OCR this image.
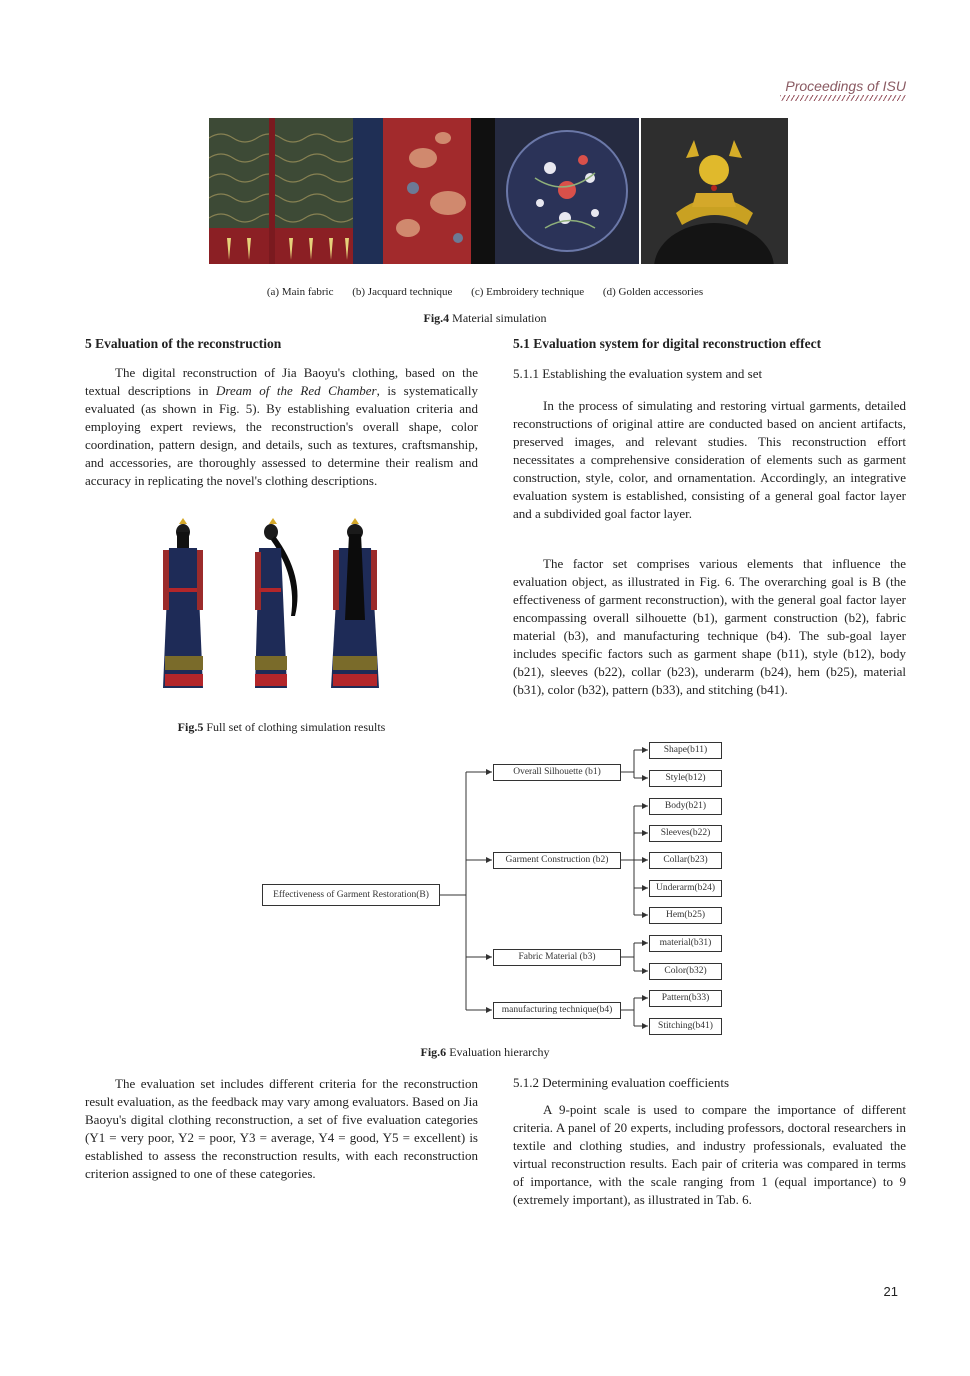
Proceedings of ISU
(a) Main fabric (b) Jacquard technique (c) Embroidery technique (d) Golden accessories
Fig.4 Material simulation
5 Evaluation of the reconstruction

The digital reconstruction of Jia Baoyu's clothing, based on the textual descriptions in Dream of the Red Chamber, is systematically evaluated (as shown in Fig. 5). By establishing evaluation criteria and employing expert reviews, the reconstruction's overall shape, color coordination, pattern design, and details, such as textures, craftsmanship, and accessories, are thoroughly assessed to determine their realism and accuracy in replicating the novel's clothing descriptions.

Fig.5 Full set of clothing simulation results
5.1 Evaluation system for digital reconstruction effect

5.1.1 Establishing the evaluation system and set

In the process of simulating and restoring virtual garments, detailed reconstructions of original attire are conducted based on ancient artifacts, preserved images, and relevant studies. This reconstruction effort necessitates a comprehensive consideration of elements such as garment construction, style, color, and ornamentation. Accordingly, an integrative evaluation system is established, consisting of a general goal factor layer and a subdivided goal factor layer.

The factor set comprises various elements that influence the evaluation object, as illustrated in Fig. 6. The overarching goal is B (the effectiveness of garment reconstruction), with the general goal factor layer encompassing overall silhouette (b1), garment construction (b2), fabric material (b3), and manufacturing technique (b4). The sub-goal layer includes specific factors such as garment shape (b11), style (b12), body (b21), sleeves (b22), collar (b23), underarm (b24), hem (b25), material (b31), color (b32), pattern (b33), and stitching (b41).

Effectiveness of Garment Restoration(B)
Overall Silhouette (b1)
Garment Construction (b2)
Fabric Material (b3)
manufacturing technique(b4)
Shape(b11)
Style(b12)
Body(b21)
Sleeves(b22)
Collar(b23)
Underarm(b24)
Hem(b25)
material(b31)
Color(b32)
Pattern(b33)
Stitching(b41)
Fig.6 Evaluation hierarchy

The evaluation set includes different criteria for the reconstruction result evaluation, as the feedback may vary among evaluators. Based on Jia Baoyu's digital clothing reconstruction, a set of five evaluation categories (Y1 = very poor, Y2 = poor, Y3 = average, Y4 = good, Y5 = excellent) is established to assess the reconstruction results, with each reconstruction criterion assigned to one of these categories.

5.1.2 Determining evaluation coefficients

A 9-point scale is used to compare the importance of different criteria. A panel of 20 experts, including professors, doctoral researchers in textile and clothing studies, and industry professionals, evaluated the virtual reconstruction results. Each pair of criteria was compared in terms of importance, with the scale ranging from 1 (equal importance) to 9 (extremely important), as illustrated in Tab. 6.

21
